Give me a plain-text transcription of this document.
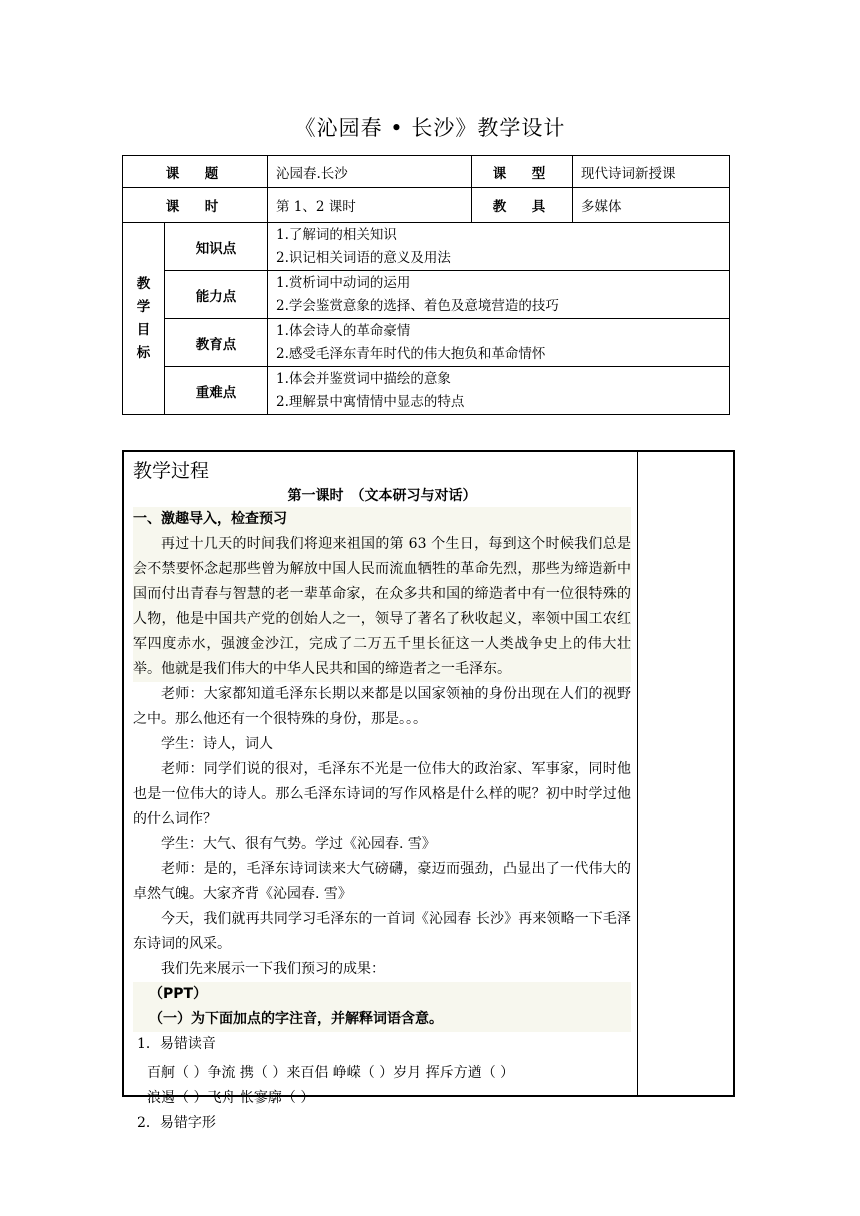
《沁园春 • 长沙》教学设计
课　题		沁园春.长沙	课　型	现代诗词新授课
课　时		第 1、2 课时	教　具	多媒体

教
学
目
标	知识点	1.了解词的相关知识
2.识记相关词语的意义及用法		

	能力点	1.赏析词中动词的运用
2.学会鉴赏意象的选择、着色及意境营造的技巧		

	教育点	1.体会诗人的革命豪情
2.感受毛泽东青年时代的伟大抱负和革命情怀		

	重难点	1.体会并鉴赏词中描绘的意象
2.理解景中寓情情中显志的特点		
教学过程
第一课时　（文本研习与对话）
一、激趣导入，检查预习

再过十几天的时间我们将迎来祖国的第 63 个生日，每到这个时候我们总是会不禁要怀念起那些曾为解放中国人民而流血牺牲的革命先烈，那些为缔造新中国而付出青春与智慧的老一辈革命家，在众多共和国的缔造者中有一位很特殊的人物，他是中国共产党的创始人之一，领导了著名了秋收起义，率领中国工农红军四度赤水，强渡金沙江，完成了二万五千里长征这一人类战争史上的伟大壮举。他就是我们伟大的中华人民共和国的缔造者之一毛泽东。

老师：大家都知道毛泽东长期以来都是以国家领袖的身份出现在人们的视野之中。那么他还有一个很特殊的身份，那是。。。

学生：诗人，词人

老师：同学们说的很对，毛泽东不光是一位伟大的政治家、军事家，同时他也是一位伟大的诗人。那么毛泽东诗词的写作风格是什么样的呢？初中时学过他的什么词作？

学生：大气、很有气势。学过《沁园春. 雪》

老师：是的，毛泽东诗词读来大气磅礴，豪迈而强劲，凸显出了一代伟大的卓然气魄。大家齐背《沁园春. 雪》

今天，我们就再共同学习毛泽东的一首词《沁园春 长沙》再来领略一下毛泽东诗词的风采。

我们先来展示一下我们预习的成果：

（PPT）
（一）为下面加点的字注音，并解释词语含意。
1．易错读音
百舸（ ）争流 携（ ）来百侣 峥嵘（ ）岁月 挥斥方遒（ ）
浪遏（ ）飞舟 怅寥廓（ ）
2．易错字形
